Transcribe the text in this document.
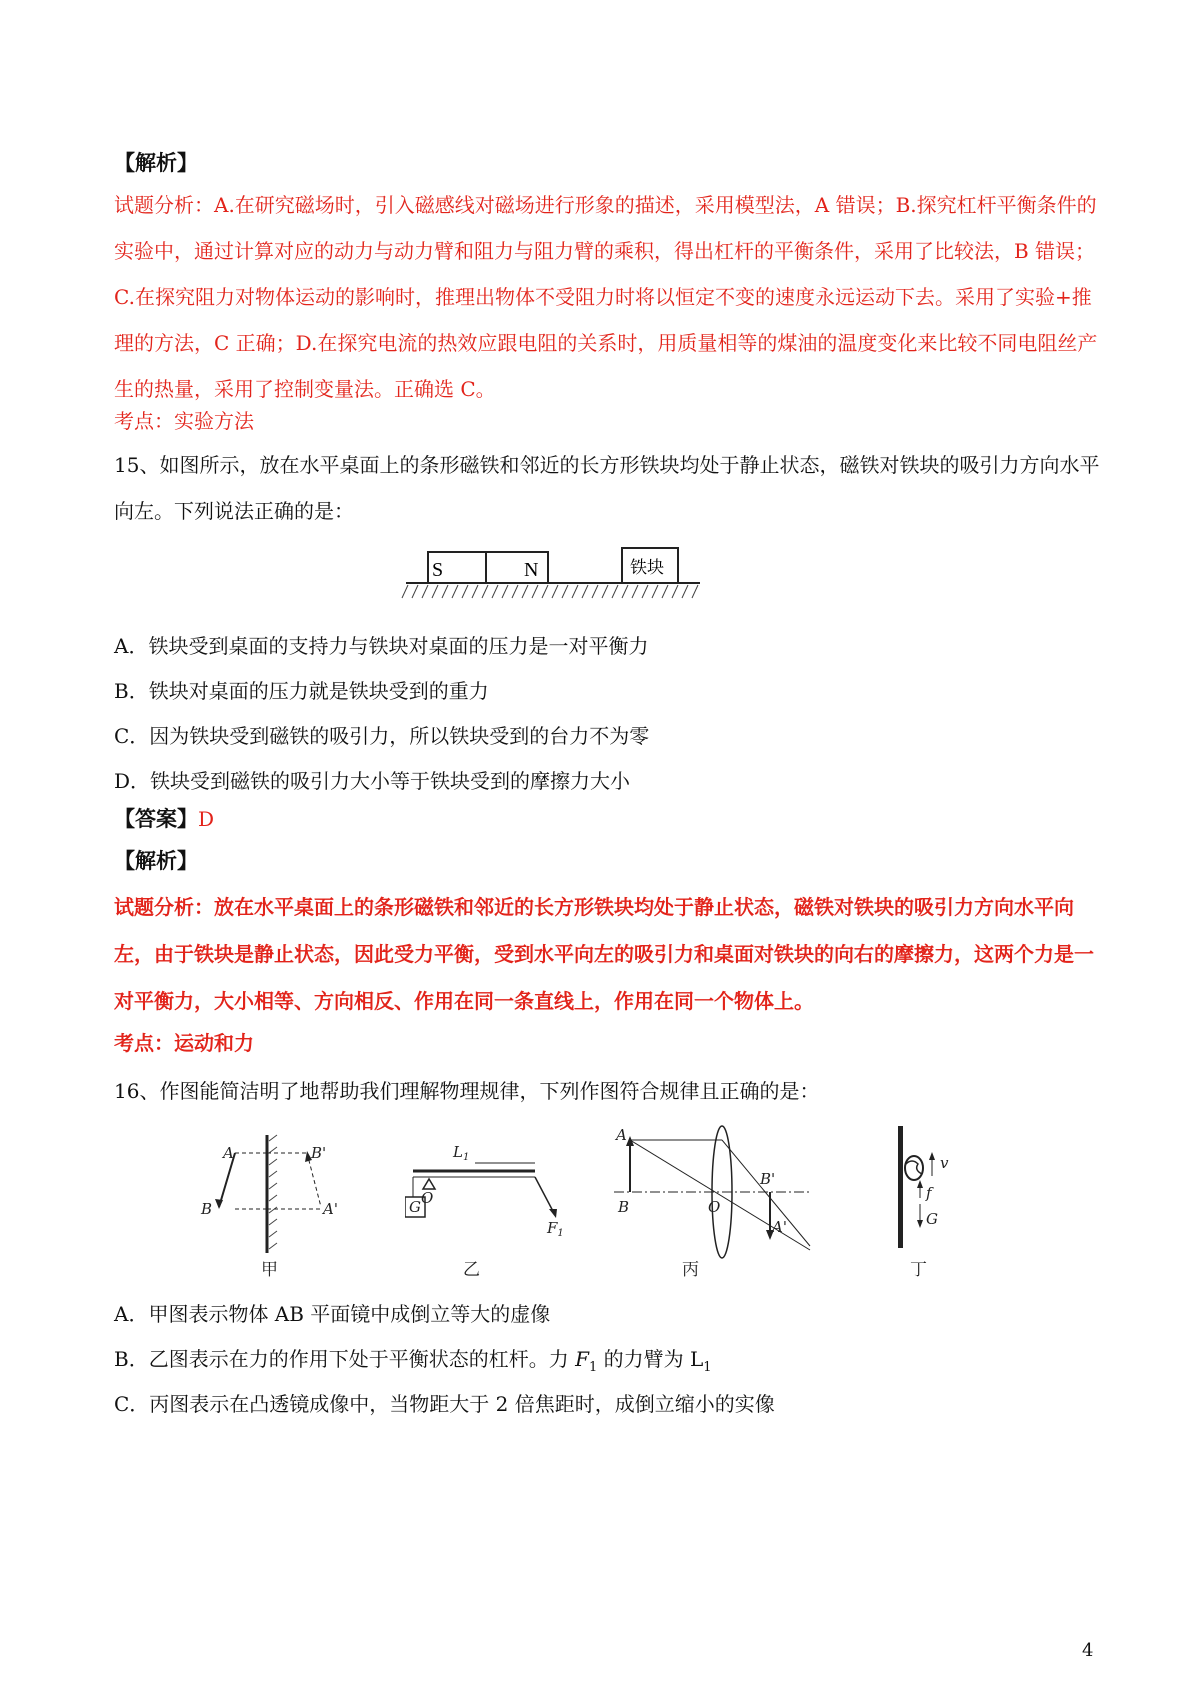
【解析】
试题分析：A.在研究磁场时，引入磁感线对磁场进行形象的描述，采用模型法，A 错误；B.探究杠杆平衡条件的实验中，通过计算对应的动力与动力臂和阻力与阻力臂的乘积，得出杠杆的平衡条件，采用了比较法，B 错误；C.在探究阻力对物体运动的影响时，推理出物体不受阻力时将以恒定不变的速度永远运动下去。采用了实验+推理的方法，C 正确；D.在探究电流的热效应跟电阻的关系时，用质量相等的煤油的温度变化来比较不同电阻丝产生的热量，采用了控制变量法。正确选 C。
考点：实验方法
15、如图所示，放在水平桌面上的条形磁铁和邻近的长方形铁块均处于静止状态，磁铁对铁块的吸引力方向水平向左。下列说法正确的是：
S	N	铁块
A．铁块受到桌面的支持力与铁块对桌面的压力是一对平衡力
B．铁块对桌面的压力就是铁块受到的重力
C．因为铁块受到磁铁的吸引力，所以铁块受到的台力不为零
D．铁块受到磁铁的吸引力大小等于铁块受到的摩擦力大小
【答案】D
【解析】
试题分析：放在水平桌面上的条形磁铁和邻近的长方形铁块均处于静止状态，磁铁对铁块的吸引力方向水平向左，由于铁块是静止状态，因此受力平衡，受到水平向左的吸引力和桌面对铁块的向右的摩擦力，这两个力是一对平衡力，大小相等、方向相反、作用在同一条直线上，作用在同一个物体上。
考点：运动和力
16、作图能简洁明了地帮助我们理解物理规律，下列作图符合规律且正确的是：
A
B
B'
A'
甲
$L_1$
O
G
$F_1$
乙
A
B	O
B'
A'
丙
v
f
G
丁
A．甲图表示物体 AB 平面镜中成倒立等大的虚像
B．乙图表示在力的作用下处于平衡状态的杠杆。力 $F_1$ 的力臂为 $L_1$
C．丙图表示在凸透镜成像中，当物距大于 2 倍焦距时，成倒立缩小的实像
4
